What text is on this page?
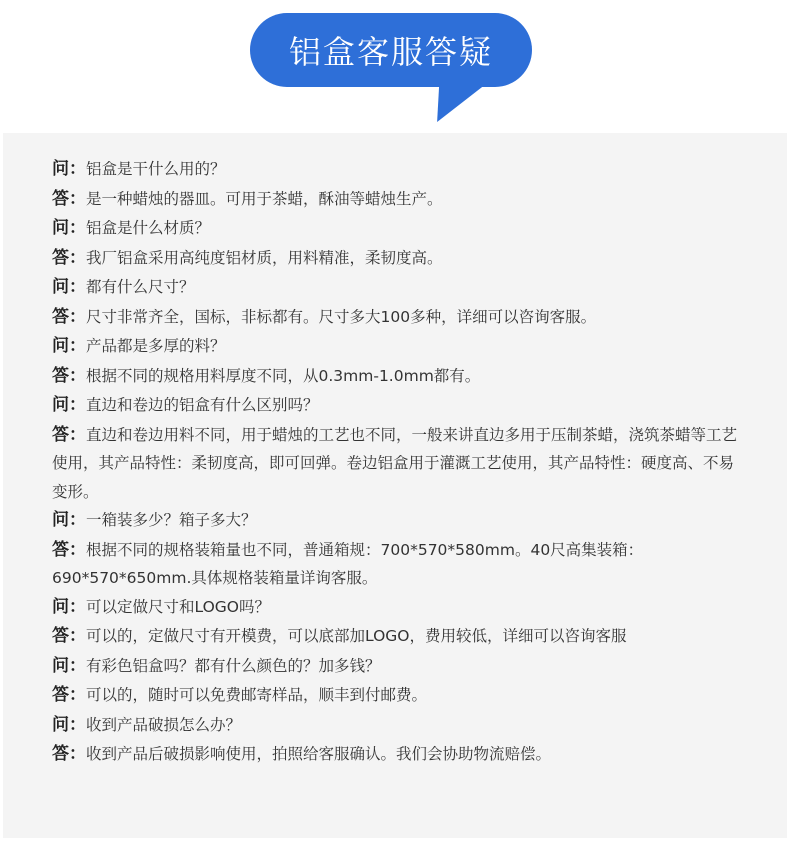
铝盒客服答疑
问：铝盒是干什么用的？
答：是一种蜡烛的器皿。可用于茶蜡，酥油等蜡烛生产。
问：铝盒是什么材质？
答：我厂铝盒采用高纯度铝材质，用料精准，柔韧度高。
问：都有什么尺寸？
答：尺寸非常齐全，国标，非标都有。尺寸多大100多种，详细可以咨询客服。
问：产品都是多厚的料？
答：根据不同的规格用料厚度不同，从0.3mm-1.0mm都有。
问：直边和卷边的铝盒有什么区别吗？
答：直边和卷边用料不同，用于蜡烛的工艺也不同，一般来讲直边多用于压制茶蜡，浇筑茶蜡等工艺使用，其产品特性：柔韧度高，即可回弹。卷边铝盒用于灌溉工艺使用，其产品特性：硬度高、不易变形。
问：一箱装多少？箱子多大？
答：根据不同的规格装箱量也不同，普通箱规：700*570*580mm。40尺高集装箱：690*570*650mm.具体规格装箱量详询客服。
问：可以定做尺寸和LOGO吗？
答：可以的，定做尺寸有开模费，可以底部加LOGO，费用较低，详细可以咨询客服
问：有彩色铝盒吗？都有什么颜色的？加多钱？
答：可以的，随时可以免费邮寄样品，顺丰到付邮费。
问：收到产品破损怎么办？
答：收到产品后破损影响使用，拍照给客服确认。我们会协助物流赔偿。
